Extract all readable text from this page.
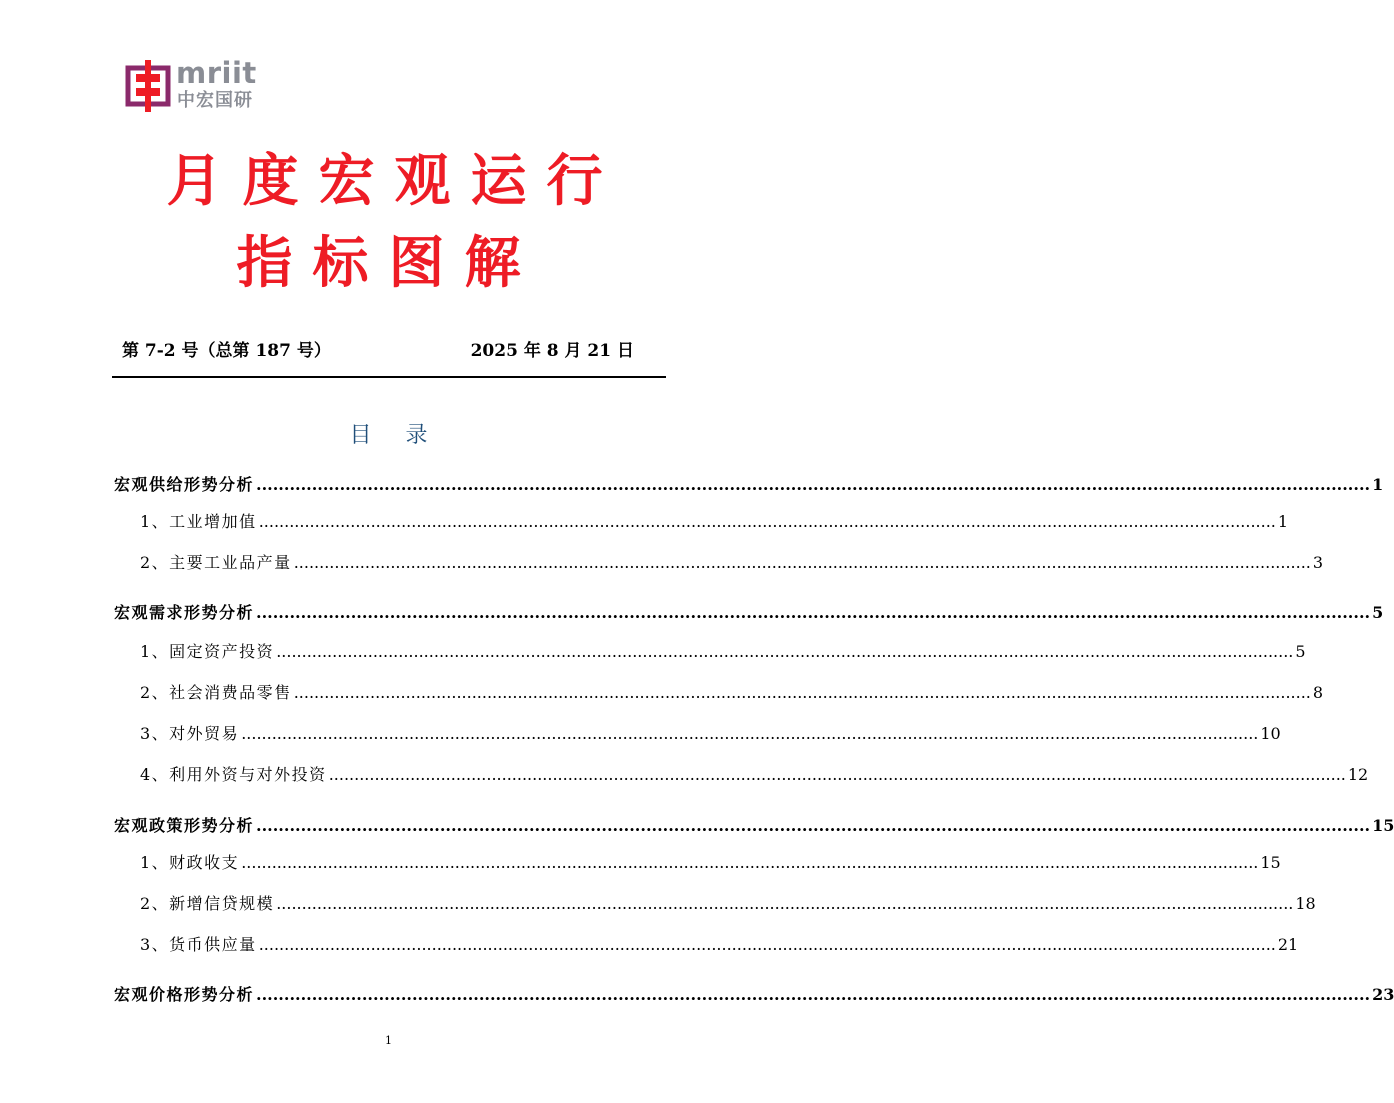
mriit
中宏国研
月度宏观运行
指标图解
第 7-2 号（总第 187 号）	2025 年 8 月 21 日
目录
宏观供给形势分析 ........................................................................................................................................................................................................ 1
1、工业增加值 ........................................................................................................................................................................................................ 1
2、主要工业品产量 ........................................................................................................................................................................................................ 3
宏观需求形势分析 ........................................................................................................................................................................................................ 5
1、固定资产投资 ........................................................................................................................................................................................................ 5
2、社会消费品零售 ........................................................................................................................................................................................................ 8
3、对外贸易 ........................................................................................................................................................................................................ 10
4、利用外资与对外投资 ........................................................................................................................................................................................................ 12
宏观政策形势分析 ........................................................................................................................................................................................................ 15
1、财政收支 ........................................................................................................................................................................................................ 15
2、新增信贷规模 ........................................................................................................................................................................................................ 18
3、货币供应量 ........................................................................................................................................................................................................ 21
宏观价格形势分析 ........................................................................................................................................................................................................ 23
1
